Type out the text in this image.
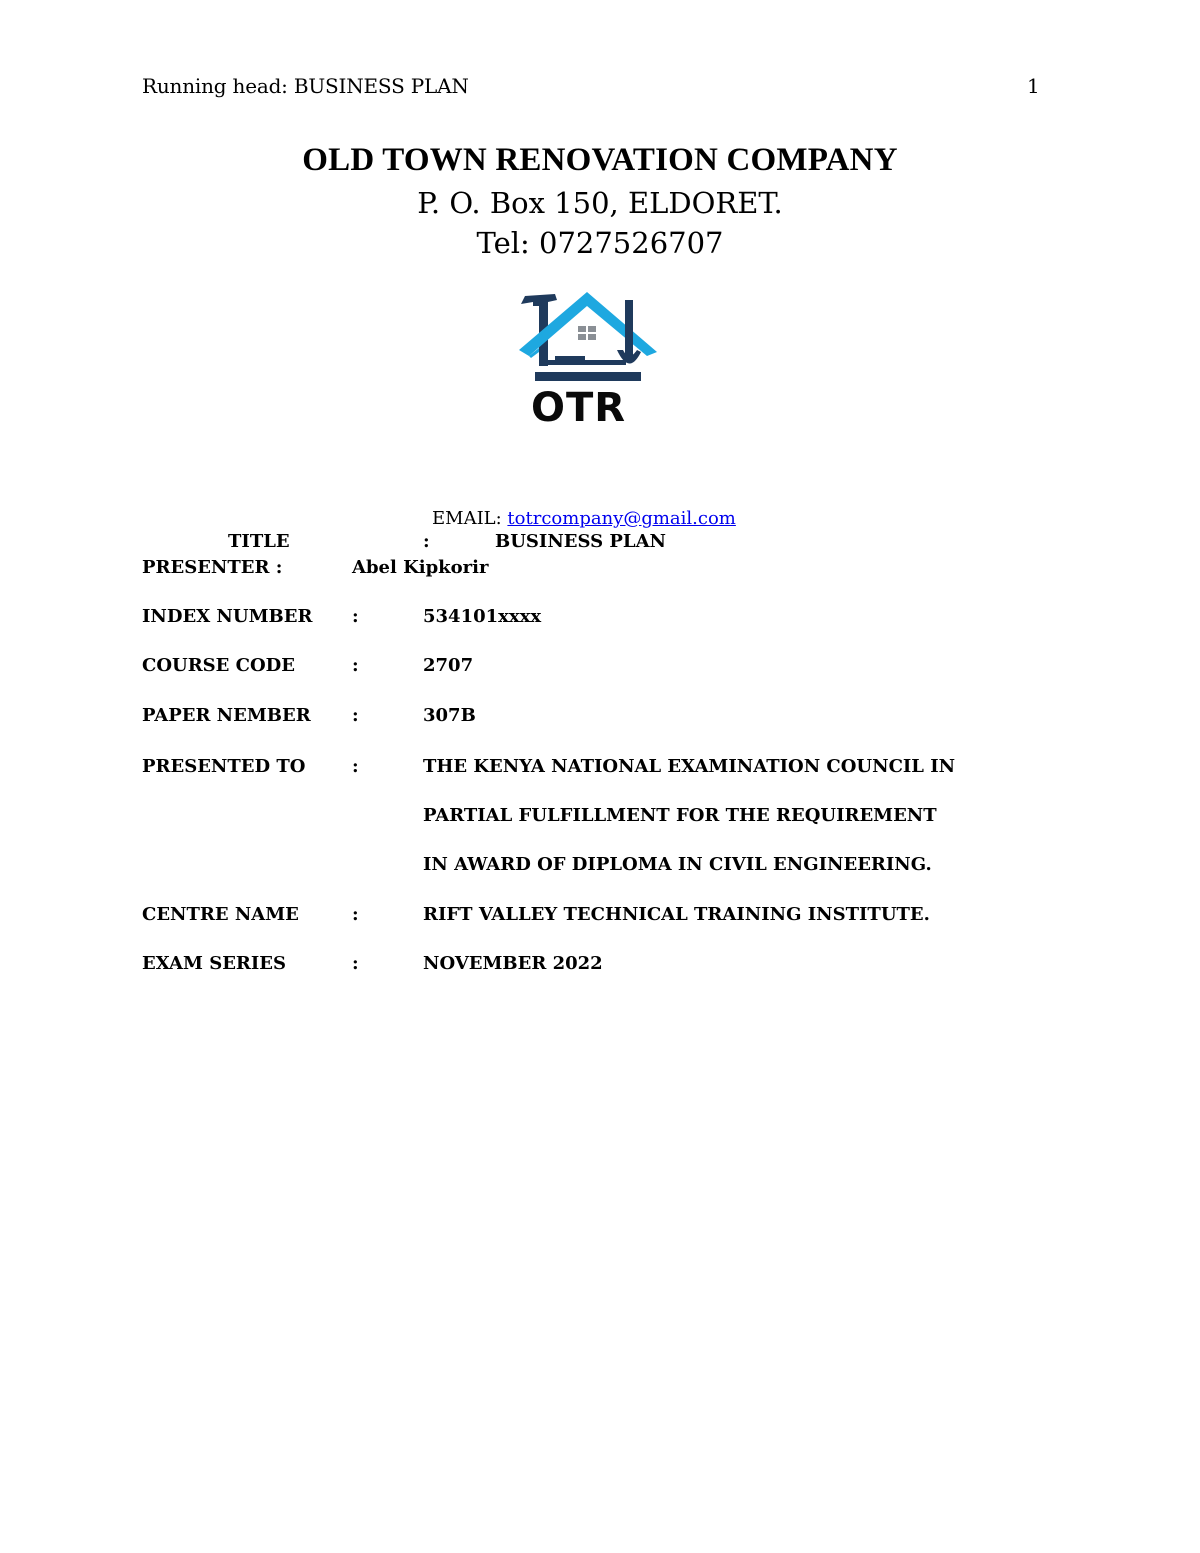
Running head: BUSINESS PLAN	1
OLD TOWN RENOVATION COMPANY
P. O. Box 150, ELDORET.
Tel: 0727526707
OTR
EMAIL: totrcompany@gmail.com
TITLE	:	BUSINESS PLAN
PRESENTER :	Abel Kipkorir
INDEX NUMBER :	534101xxxx
COURSE CODE	:	2707
PAPER NEMBER :	307B
PRESENTED TO	:	THE KENYA NATIONAL EXAMINATION COUNCIL IN
PARTIAL FULFILLMENT FOR THE REQUIREMENT
IN AWARD OF DIPLOMA IN CIVIL ENGINEERING.
CENTRE NAME	:	RIFT VALLEY TECHNICAL TRAINING INSTITUTE.
EXAM SERIES	:	NOVEMBER 2022
